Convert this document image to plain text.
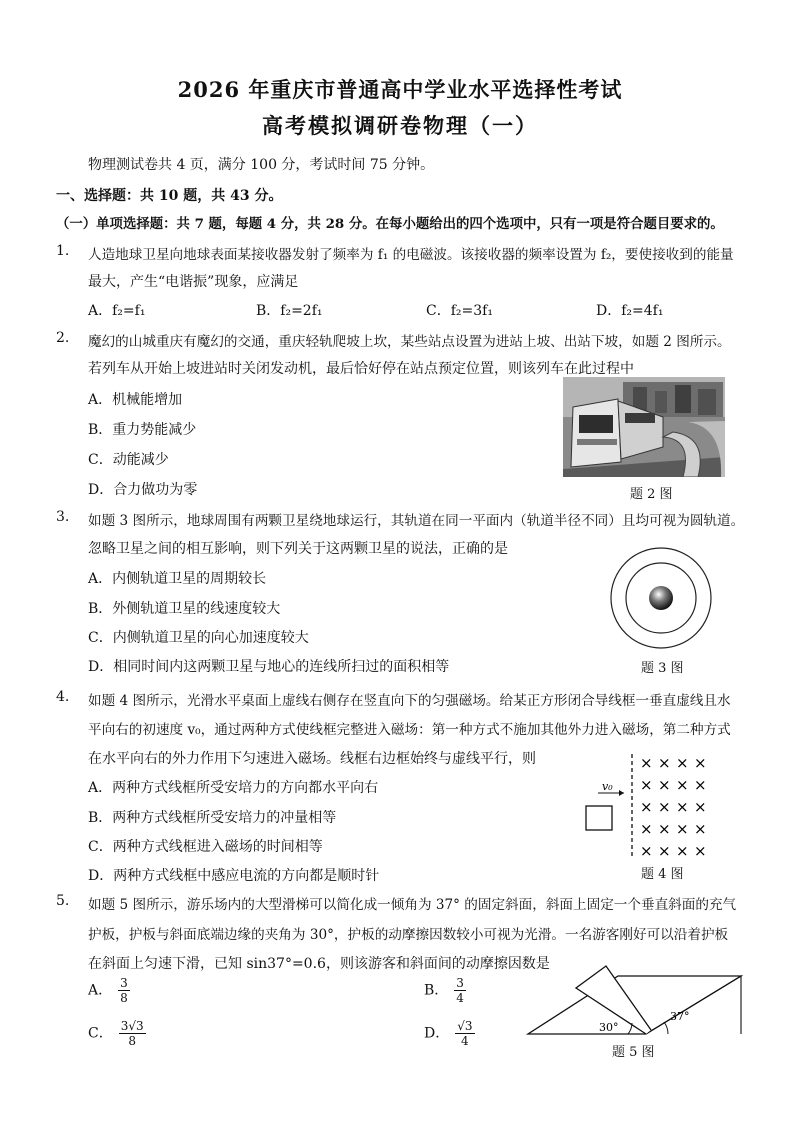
2026 年重庆市普通高中学业水平选择性考试
高考模拟调研卷物理（一）
物理测试卷共 4 页，满分 100 分，考试时间 75 分钟。
一、选择题：共 10 题，共 43 分。
（一）单项选择题：共 7 题，每题 4 分，共 28 分。在每小题给出的四个选项中，只有一项是符合题目要求的。
1. 人造地球卫星向地球表面某接收器发射了频率为 f₁ 的电磁波。该接收器的频率设置为 f₂，要使接收到的能量
最大，产生“电谐振”现象，应满足
A．f₂=f₁	B．f₂=2f₁	C．f₂=3f₁	D．f₂=4f₁
2. 魔幻的山城重庆有魔幻的交通，重庆轻轨爬坡上坎，某些站点设置为进站上坡、出站下坡，如题 2 图所示。
若列车从开始上坡进站时关闭发动机，最后恰好停在站点预定位置，则该列车在此过程中
A．机械能增加
B．重力势能减少
C．动能减少
D．合力做功为零	题 2 图
3. 如题 3 图所示，地球周围有两颗卫星绕地球运行，其轨道在同一平面内（轨道半径不同）且均可视为圆轨道。
忽略卫星之间的相互影响，则下列关于这两颗卫星的说法，正确的是
A．内侧轨道卫星的周期较长
B．外侧轨道卫星的线速度较大
C．内侧轨道卫星的向心加速度较大
D．相同时间内这两颗卫星与地心的连线所扫过的面积相等	题 3 图
4. 如题 4 图所示，光滑水平桌面上虚线右侧存在竖直向下的匀强磁场。给某正方形闭合导线框一垂直虚线且水
平向右的初速度 v₀，通过两种方式使线框完整进入磁场：第一种方式不施加其他外力进入磁场，第二种方式
在水平向右的外力作用下匀速进入磁场。线框右边框始终与虚线平行，则
A．两种方式线框所受安培力的方向都水平向右
B．两种方式线框所受安培力的冲量相等
C．两种方式线框进入磁场的时间相等
D．两种方式线框中感应电流的方向都是顺时针
v₀
× × × ×
× × × ×
× × × ×
× × × ×
× × × ×
题 4 图
5. 如题 5 图所示，游乐场内的大型滑梯可以简化成一倾角为 37° 的固定斜面，斜面上固定一个垂直斜面的充气
护板，护板与斜面底端边缘的夹角为 30°，护板的动摩擦因数较小可视为光滑。一名游客刚好可以沿着护板
在斜面上匀速下滑，已知 sin37°=0.6，则该游客和斜面间的动摩擦因数是
A． $\frac{3}{8}$	B． $\frac{3}{4}$
C． $\frac{3√3}{8}$	D． $\frac{√3}{4}$	30°
37°
题 5 图
